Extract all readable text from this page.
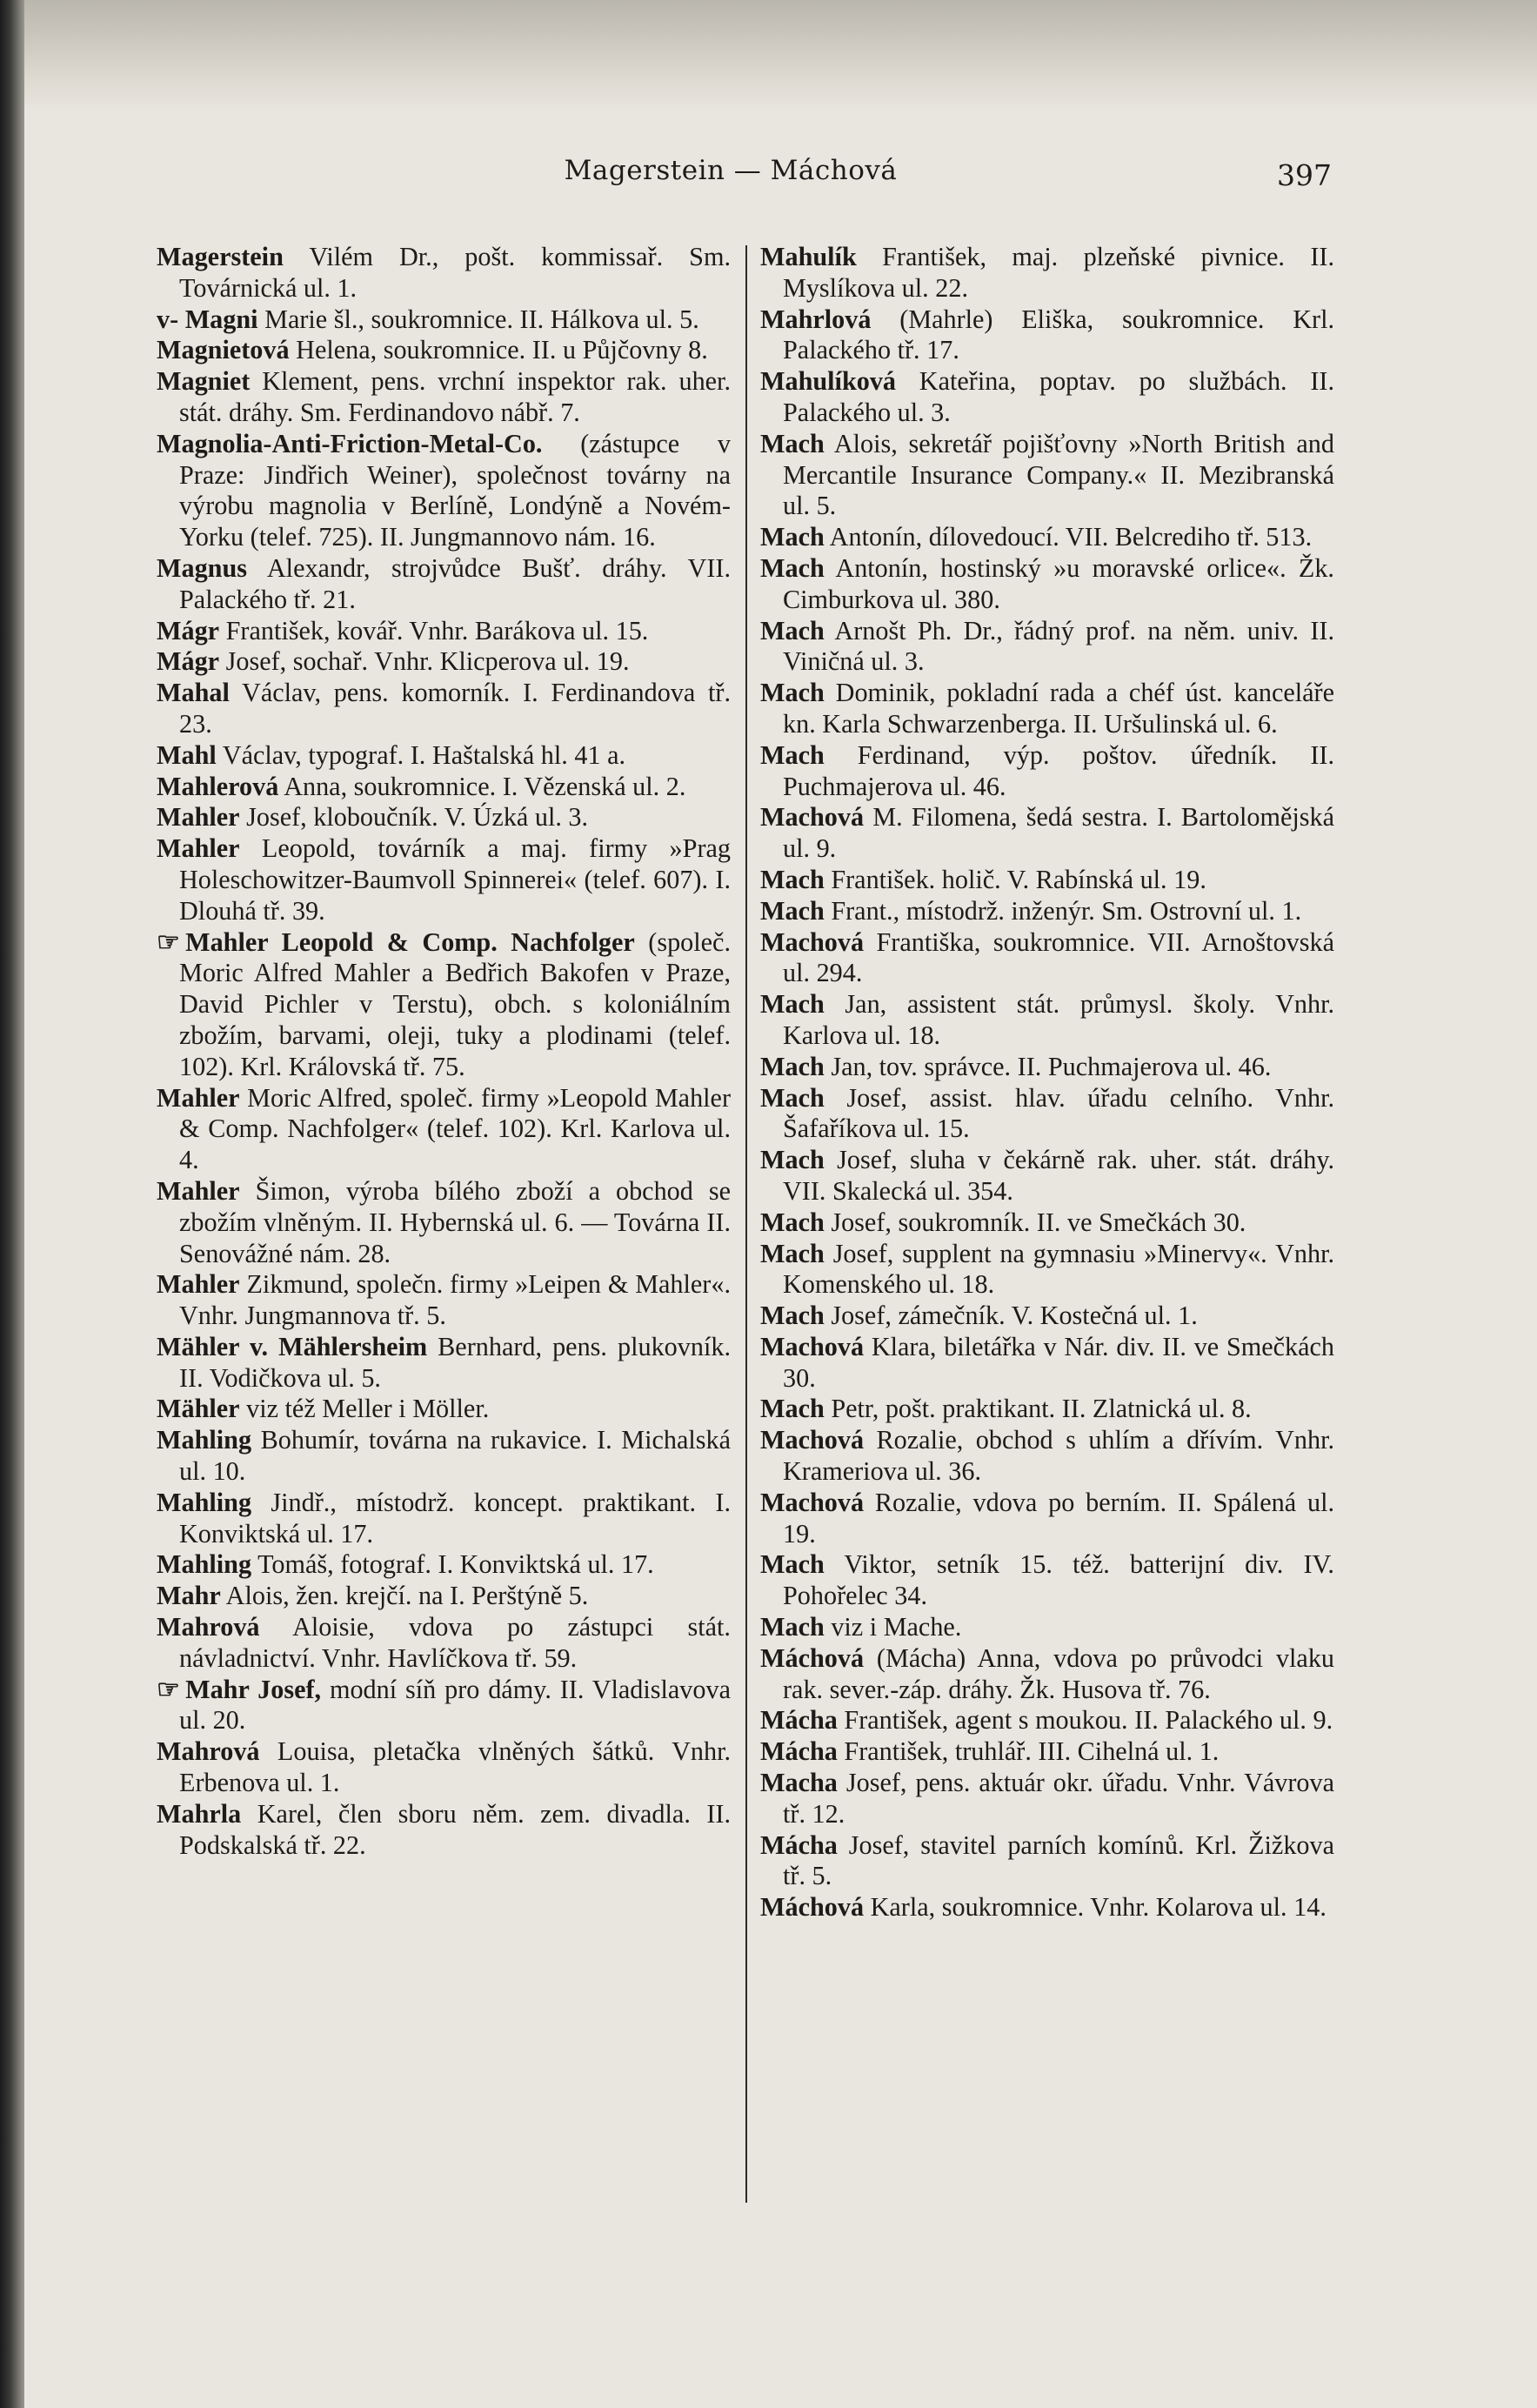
Magerstein — Máchová	397

Magerstein Vilém Dr., pošt. kommissař. Sm. Továrnická ul. 1.

v- Magni Marie šl., soukromnice. II. Hálkova ul. 5.

Magnietová Helena, soukromnice. II. u Půjčovny 8.

Magniet Klement, pens. vrchní inspektor rak. uher. stát. dráhy. Sm. Ferdinandovo nábř. 7.

Magnolia-Anti-Friction-Metal-Co. (zástupce v Praze: Jindřich Weiner), společnost továrny na výrobu magnolia v Berlíně, Londýně a Novém-Yorku (telef. 725). II. Jungmannovo nám. 16.

Magnus Alexandr, strojvůdce Bušť. dráhy. VII. Palackého tř. 21.

Mágr František, kovář. Vnhr. Barákova ul. 15.

Mágr Josef, sochař. Vnhr. Klicperova ul. 19.

Mahal Václav, pens. komorník. I. Ferdinandova tř. 23.

Mahl Václav, typograf. I. Haštalská hl. 41 a.

Mahlerová Anna, soukromnice. I. Vězenská ul. 2.

Mahler Josef, kloboučník. V. Úzká ul. 3.

Mahler Leopold, továrník a maj. firmy »Prag Holeschowitzer-Baumvoll Spinnerei« (telef. 607). I. Dlouhá tř. 39.

☞ Mahler Leopold & Comp. Nachfolger (společ. Moric Alfred Mahler a Bedřich Bakofen v Praze, David Pichler v Terstu), obch. s koloniálním zbožím, barvami, oleji, tuky a plodinami (telef. 102). Krl. Královská tř. 75.

Mahler Moric Alfred, společ. firmy »Leopold Mahler & Comp. Nachfolger« (telef. 102). Krl. Karlova ul. 4.

Mahler Šimon, výroba bílého zboží a obchod se zbožím vlněným. II. Hybernská ul. 6. — Továrna II. Senovážné nám. 28.

Mahler Zikmund, společn. firmy »Leipen & Mahler«. Vnhr. Jungmannova tř. 5.

Mähler v. Mählersheim Bernhard, pens. plukovník. II. Vodičkova ul. 5.

Mähler viz též Meller i Möller.

Mahling Bohumír, továrna na rukavice. I. Michalská ul. 10.

Mahling Jindř., místodrž. koncept. praktikant. I. Konviktská ul. 17.

Mahling Tomáš, fotograf. I. Konviktská ul. 17.

Mahr Alois, žen. krejčí. na I. Perštýně 5.

Mahrová Aloisie, vdova po zástupci stát. návladnictví. Vnhr. Havlíčkova tř. 59.

☞ Mahr Josef, modní síň pro dámy. II. Vladislavova ul. 20.

Mahrová Louisa, pletačka vlněných šátků. Vnhr. Erbenova ul. 1.

Mahrla Karel, člen sboru něm. zem. divadla. II. Podskalská tř. 22.

Mahulík František, maj. plzeňské pivnice. II. Myslíkova ul. 22.

Mahrlová (Mahrle) Eliška, soukromnice. Krl. Palackého tř. 17.

Mahulíková Kateřina, poptav. po službách. II. Palackého ul. 3.

Mach Alois, sekretář pojišťovny »North British and Mercantile Insurance Company.« II. Mezibranská ul. 5.

Mach Antonín, dílovedoucí. VII. Belcrediho tř. 513.

Mach Antonín, hostinský »u moravské orlice«. Žk. Cimburkova ul. 380.

Mach Arnošt Ph. Dr., řádný prof. na něm. univ. II. Viničná ul. 3.

Mach Dominik, pokladní rada a chéf úst. kanceláře kn. Karla Schwarzenberga. II. Uršulinská ul. 6.

Mach Ferdinand, výp. poštov. úředník. II. Puchmajerova ul. 46.

Machová M. Filomena, šedá sestra. I. Bartolomějská ul. 9.

Mach František. holič. V. Rabínská ul. 19.

Mach Frant., místodrž. inženýr. Sm. Ostrovní ul. 1.

Machová Františka, soukromnice. VII. Arnoštovská ul. 294.

Mach Jan, assistent stát. průmysl. školy. Vnhr. Karlova ul. 18.

Mach Jan, tov. správce. II. Puchmajerova ul. 46.

Mach Josef, assist. hlav. úřadu celního. Vnhr. Šafaříkova ul. 15.

Mach Josef, sluha v čekárně rak. uher. stát. dráhy. VII. Skalecká ul. 354.

Mach Josef, soukromník. II. ve Smečkách 30.

Mach Josef, supplent na gymnasiu »Minervy«. Vnhr. Komenského ul. 18.

Mach Josef, zámečník. V. Kostečná ul. 1.

Machová Klara, biletářka v Nár. div. II. ve Smečkách 30.

Mach Petr, pošt. praktikant. II. Zlatnická ul. 8.

Machová Rozalie, obchod s uhlím a dřívím. Vnhr. Krameriova ul. 36.

Machová Rozalie, vdova po berním. II. Spálená ul. 19.

Mach Viktor, setník 15. též. batterijní div. IV. Pohořelec 34.

Mach viz i Mache.

Máchová (Mácha) Anna, vdova po průvodci vlaku rak. sever.-záp. dráhy. Žk. Husova tř. 76.

Mácha František, agent s moukou. II. Palackého ul. 9.

Mácha František, truhlář. III. Cihelná ul. 1.

Macha Josef, pens. aktuár okr. úřadu. Vnhr. Vávrova tř. 12.

Mácha Josef, stavitel parních komínů. Krl. Žižkova tř. 5.

Máchová Karla, soukromnice. Vnhr. Kolarova ul. 14.
